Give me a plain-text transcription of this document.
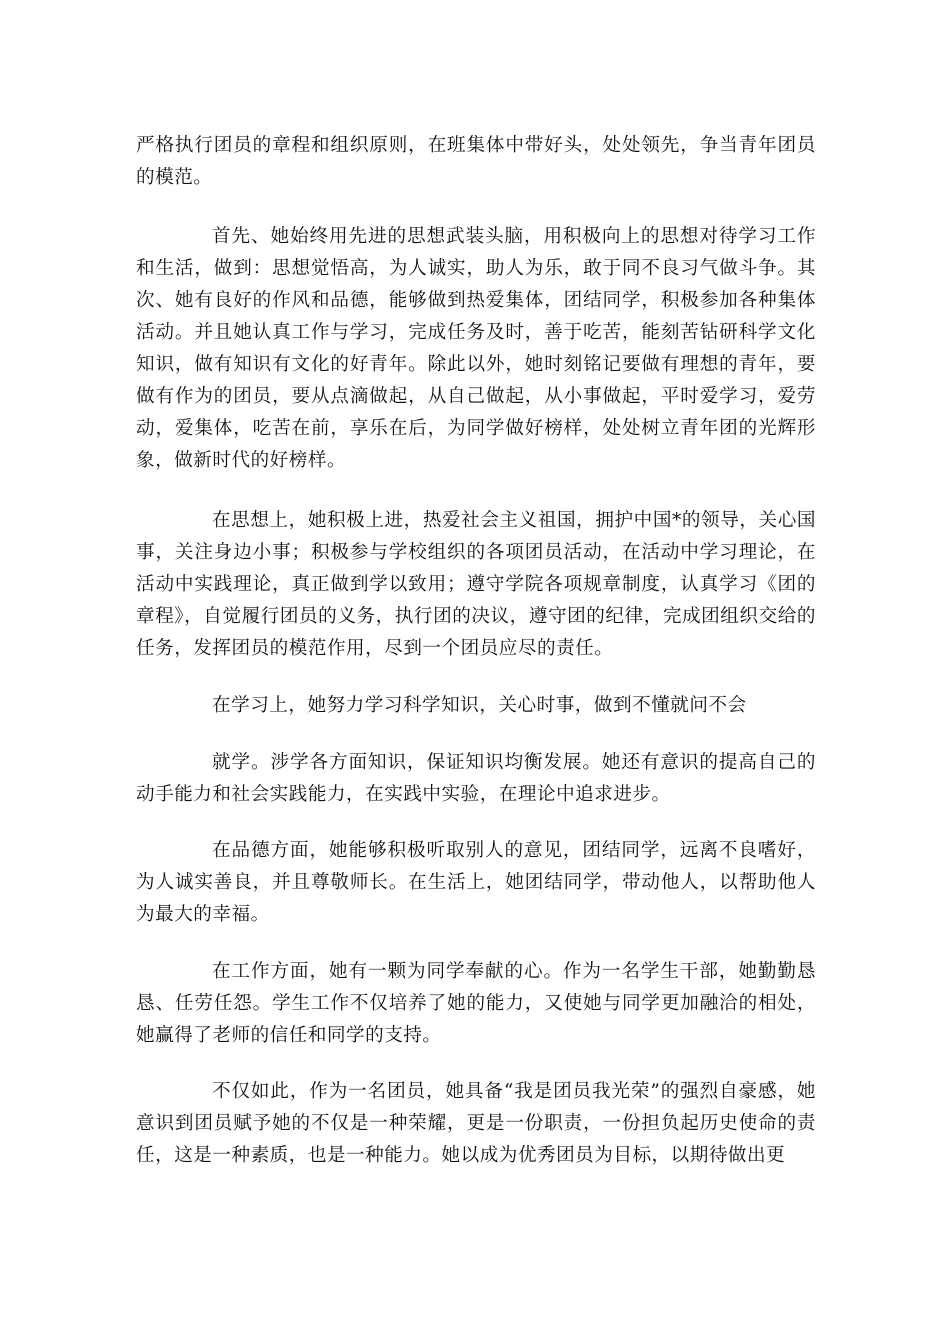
严格执行团员的章程和组织原则，在班集体中带好头，处处领先，争当青年团员的模范。

首先、她始终用先进的思想武装头脑，用积极向上的思想对待学习工作和生活，做到：思想觉悟高，为人诚实，助人为乐，敢于同不良习气做斗争。其次、她有良好的作风和品德，能够做到热爱集体，团结同学，积极参加各种集体活动。并且她认真工作与学习，完成任务及时，善于吃苦，能刻苦钻研科学文化知识，做有知识有文化的好青年。除此以外，她时刻铭记要做有理想的青年，要做有作为的团员，要从点滴做起，从自己做起，从小事做起，平时爱学习，爱劳动，爱集体，吃苦在前，享乐在后，为同学做好榜样，处处树立青年团的光辉形象，做新时代的好榜样。

在思想上，她积极上进，热爱社会主义祖国，拥护中国*的领导，关心国事，关注身边小事；积极参与学校组织的各项团员活动，在活动中学习理论，在活动中实践理论，真正做到学以致用；遵守学院各项规章制度，认真学习《团的章程》，自觉履行团员的义务，执行团的决议，遵守团的纪律，完成团组织交给的任务，发挥团员的模范作用，尽到一个团员应尽的责任。

在学习上，她努力学习科学知识，关心时事，做到不懂就问不会

就学。涉学各方面知识，保证知识均衡发展。她还有意识的提高自己的动手能力和社会实践能力，在实践中实验，在理论中追求进步。

在品德方面，她能够积极听取别人的意见，团结同学，远离不良嗜好，为人诚实善良，并且尊敬师长。在生活上，她团结同学，带动他人，以帮助他人为最大的幸福。

在工作方面，她有一颗为同学奉献的心。作为一名学生干部，她勤勤恳恳、任劳任怨。学生工作不仅培养了她的能力，又使她与同学更加融洽的相处，她赢得了老师的信任和同学的支持。

不仅如此，作为一名团员，她具备“我是团员我光荣”的强烈自豪感，她意识到团员赋予她的不仅是一种荣耀，更是一份职责，一份担负起历史使命的责任，这是一种素质，也是一种能力。她以成为优秀团员为目标，以期待做出更
